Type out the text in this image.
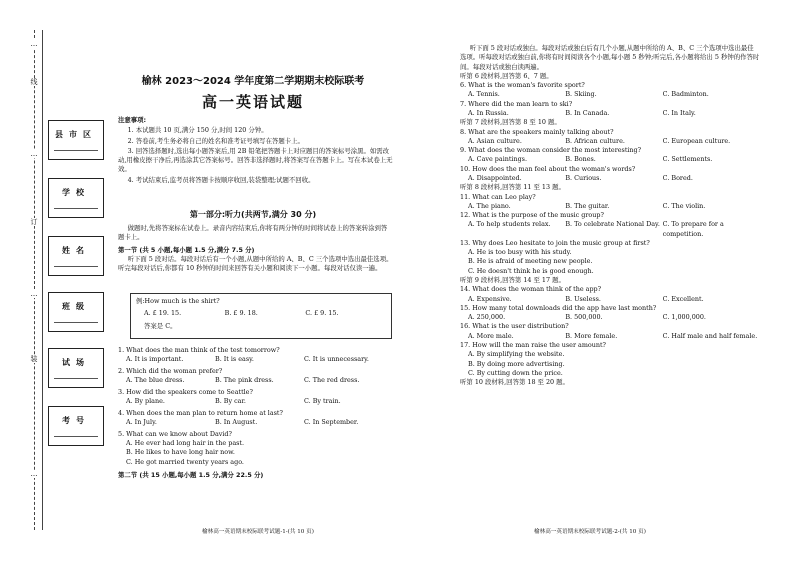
…
线
…
订
…
装
…
县市区
学校
姓名
班级
试场
考号
榆林 2023～2024 学年度第二学期期末校际联考
高一英语试题
注意事项:

1. 本试题共 10 页,满分 150 分,时间 120 分钟。

2. 答卷前,考生务必将自己的姓名和准考证号填写在答题卡上。

3. 回答选择题时,选出每小题答案后,用 2B 铅笔把答题卡上对应题目的答案标号涂黑。如需改动,用橡皮擦干净后,再选涂其它答案标号。回答非选择题时,将答案写在答题卡上。写在本试卷上无效。

4. 考试结束后,监考员将答题卡按顺序收回,装袋整理;试题不回收。

第一部分:听力(共两节,满分 30 分)

做题时,先将答案标在试卷上。录音内容结束后,你将有两分钟的时间将试卷上的答案转涂到答题卡上。

第一节 (共 5 小题,每小题 1.5 分,满分 7.5 分)

听下面 5 段对话。每段对话后有一个小题,从题中所给的 A、B、C 三个选项中选出最佳选项。听完每段对话后,你都有 10 秒钟的时间来回答有关小题和阅读下一小题。每段对话仅读一遍。

例:How much is the shirt?
A. £ 19. 15.	B. £ 9. 18.	C. £ 9. 15.
答案是 C。
1. What does the man think of the test tomorrow?
A. It is important.	B. It is easy.	C. It is unnecessary.
2. Which did the woman prefer?
A. The blue dress.	B. The pink dress.	C. The red dress.
3. How did the speakers come to Seattle?
A. By plane.	B. By car.	C. By train.
4. When does the man plan to return home at last?
A. In July.	B. In August.	C. In September.
5. What can we know about David?
A. He ever had long hair in the past.
B. He likes to have long hair now.
C. He got married twenty years ago.
第二节 (共 15 小题,每小题 1.5 分,满分 22.5 分)
榆林高一英语期末校际联考试题-1-(共 10 页)

听下面 5 段对话或独白。每段对话或独白后有几个小题,从题中所给的 A、B、C 三个选项中选出最佳选项。听每段对话或独白前,你将有时间阅读各个小题,每小题 5 秒钟;听完后,各小题将给出 5 秒钟的作答时间。每段对话或独白读两遍。

听第 6 段材料,回答第 6、7 题。
6. What is the woman's favorite sport?
A. Tennis.	B. Skiing.	C. Badminton.
7. Where did the man learn to ski?
A. In Russia.	B. In Canada.	C. In Italy.
听第 7 段材料,回答第 8 至 10 题。
8. What are the speakers mainly talking about?
A. Asian culture.	B. African culture.	C. European culture.
9. What does the woman consider the most interesting?
A. Cave paintings.	B. Bones.	C. Settlements.
10. How does the man feel about the woman's words?
A. Disappointed.	B. Curious.	C. Bored.
听第 8 段材料,回答第 11 至 13 题。
11. What can Leo play?
A. The piano.	B. The guitar.	C. The violin.
12. What is the purpose of the music group?
A. To help students relax.	B. To celebrate National Day. C. To prepare for a competition.
13. Why does Leo hesitate to join the music group at first?
A. He is too busy with his study.
B. He is afraid of meeting new people.
C. He doesn't think he is good enough.
听第 9 段材料,回答第 14 至 17 题。
14. What does the woman think of the app?
A. Expensive.	B. Useless.	C. Excellent.
15. How many total downloads did the app have last month?
A. 250,000.	B. 500,000.	C. 1,000,000.
16. What is the user distribution?
A. More male.	B. More female.	C. Half male and half female.
17. How will the man raise the user amount?
A. By simplifying the website.
B. By doing more advertising.
C. By cutting down the price.
听第 10 段材料,回答第 18 至 20 题。
榆林高一英语期末校际联考试题-2-(共 10 页)
